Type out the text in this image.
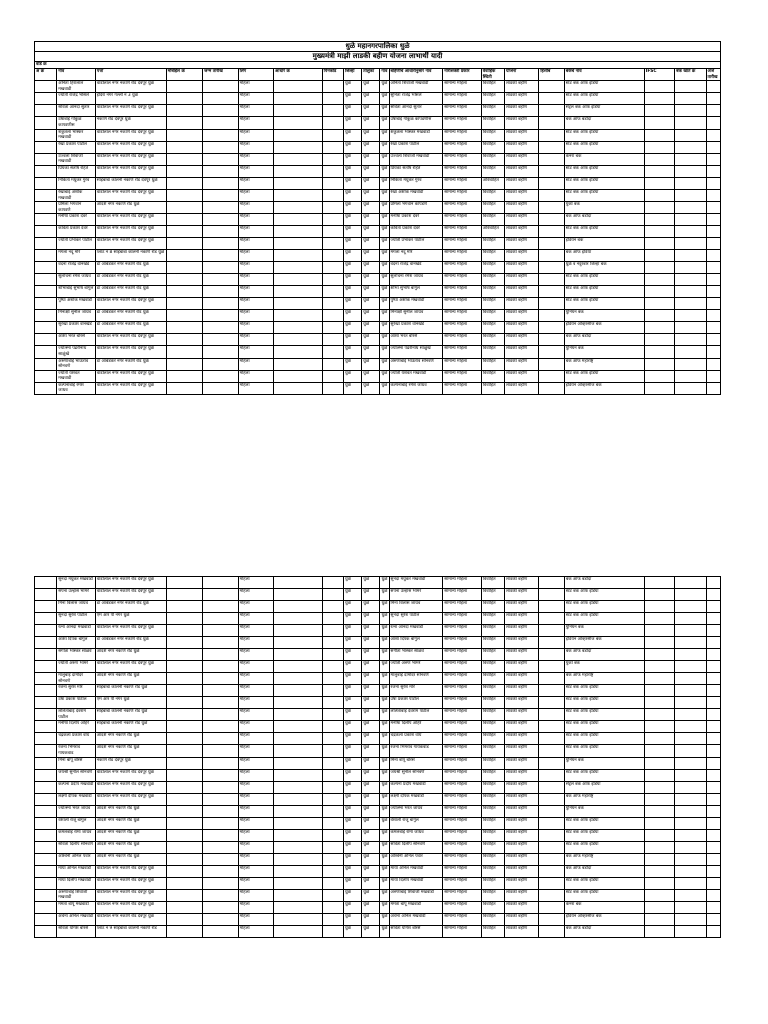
धुळे महानगरपालिका धुळे
मुख्यमंत्री माझी लाडकी बहीण योजना लाभार्थी यादी
वार्ड क्र																			
अ क्र	नाव	पत्ता	मोबाईल क्र	जन्म तारीख	लिंग	आधार क्र	पिनकोड	जिल्हा	तालुका	गाव	बहिणीचे आधारानुसार नाव	नारीशक्ती प्रकार	वैवाहिक स्थिती	योजना	हिशोब	बँकेचे नाव	IFSC	बँक खाते क्र	अर्ज तारीख
	अनिता हिरालाल मखवाडी	वाडीलाल नगर नकाणे रोड देवपूर धुळे			महिला			धुळे	धुळे	धुळे	अनिता शिवाजी मखवाडी	सामान्य महिला	विवाहित	लाडकी बहीण		स्टेट बँक ऑफ इंडिया			
	ज्योती राजेंद्र भोसले	इंदिरा नगर गल्ली नं 3 धुळे			महिला			धुळे	धुळे	धुळे	सुनिता राजेंद्र भोसले	सामान्य महिला	विवाहित	लाडकी बहीण		स्टेट बँक ऑफ इंडिया			
	सविता आनंदा सुतार	वाडीलाल नगर नकाणे रोड देवपूर धुळे			महिला			धुळे	धुळे	धुळे	सविता आनंदा सुतार	सामान्य महिला	विवाहित	लाडकी बहीण		सेंट्रल बँक ऑफ इंडिया			
	उषाबाई गोकुळ कापडणीस	नकाणे रोड देवपूर धुळे			महिला			धुळे	धुळे	धुळे	उषाबाई गोकुळ कापडणीस	सामान्य महिला	विवाहित	लाडकी बहीण		बँक ऑफ बडोदा			
	शकुंतला भास्कर मखवाडी	वाडीलाल नगर नकाणे रोड देवपूर धुळे			महिला			धुळे	धुळे	धुळे	शकुंतला भास्कर मखवाडी	सामान्य महिला	विवाहित	लाडकी बहीण		स्टेट बँक ऑफ इंडिया			
	रेखा प्रकाश पाटील	वाडीलाल नगर नकाणे रोड देवपूर धुळे			महिला			धुळे	धुळे	धुळे	रेखा प्रकाश पाटील	सामान्य महिला	विवाहित	लाडकी बहीण		स्टेट बँक ऑफ इंडिया			
	उज्वला शिवाजी मखवाडी	वाडीलाल नगर नकाणे रोड देवपूर धुळे			महिला			धुळे	धुळे	धुळे	उज्वला शिवाजी मखवाडी	सामान्य महिला	विवाहित	लाडकी बहीण		कॅनरा बँक			
	प्रियंका संतोष रहिते	वाडीलाल नगर नकाणे रोड देवपूर धुळे			महिला			धुळे	धुळे	धुळे	प्रियंका संतोष रहिते	सामान्य महिला	विवाहित	लाडकी बहीण		स्टेट बँक ऑफ इंडिया			
	निकिता मधुकर गुरव	साईबाबा कॉलनी नकाणे रोड देवपूर धुळे			महिला			धुळे	धुळे	धुळे	निकिता मधुकर गुरव	सामान्य महिला	अविवाहित	लाडकी बहीण		स्टेट बँक ऑफ इंडिया			
	रेखाबाई अशोक मखवाडी	वाडीलाल नगर नकाणे रोड देवपूर धुळे			महिला			धुळे	धुळे	धुळे	रेखा अशोक मखवाडी	सामान्य महिला	विवाहित	लाडकी बहीण		स्टेट बँक ऑफ इंडिया			
	प्रमिला भगवान कापडणे	आदर्श नगर नकाणे रोड धुळे			महिला			धुळे	धुळे	धुळे	प्रमिला भगवान कापडणे	सामान्य महिला	विवाहित	लाडकी बहीण		युको बँक			
	मनीषा प्रकाश देवरे	वाडीलाल नगर नकाणे रोड देवपूर धुळे			महिला			धुळे	धुळे	धुळे	मनीषा प्रकाश देवरे	सामान्य महिला	विवाहित	लाडकी बहीण		बँक ऑफ बडोदा			
	कविता प्रकाश देवरे	वाडीलाल नगर नकाणे रोड देवपूर धुळे			महिला			धुळे	धुळे	धुळे	कविता प्रकाश देवरे	सामान्य महिला	अविवाहित	लाडकी बहीण		स्टेट बँक ऑफ इंडिया			
	ज्योती प्रभाकर पाटील	वाडीलाल नगर नकाणे रोड देवपूर धुळे			महिला			धुळे	धुळे	धुळे	ज्योती प्रभाकर पाटील	सामान्य महिला	विवाहित	लाडकी बहीण		इंडियन बँक			
	मंगला नंदू मोरे	प्लॉट नं 8 साईबाबा कॉलनी नकाणे रोड धुळे			महिला			धुळे	धुळे	धुळे	मंगला नंदू मोरे	सामान्य महिला	विवाहित	लाडकी बहीण		बँक ऑफ इंडिया			
	वंदना राजेंद्र वानखेडे	डॉ आंबेडकर नगर नकाणे रोड धुळे			महिला			धुळे	धुळे	धुळे	वंदना राजेंद्र वानखेडे	सामान्य महिला	विवाहित	लाडकी बहीण		धुळे व नंदुरबार जिल्हा बँक			
	सुलोचना रमेश जाधव	डॉ आंबेडकर नगर नकाणे रोड धुळे			महिला			धुळे	धुळे	धुळे	सुलोचना रमेश जाधव	सामान्य महिला	विवाहित	लाडकी बहीण		स्टेट बँक ऑफ इंडिया			
	शोभाबाई सुभाष बागुल	डॉ आंबेडकर नगर नकाणे रोड धुळे			महिला			धुळे	धुळे	धुळे	शोभा सुभाष बागुल	सामान्य महिला	विवाहित	लाडकी बहीण		स्टेट बँक ऑफ इंडिया			
	पुष्पा अशोक मखवाडी	वाडीलाल नगर नकाणे रोड देवपूर धुळे			महिला			धुळे	धुळे	धुळे	पुष्पा अशोक मखवाडी	सामान्य महिला	विवाहित	लाडकी बहीण		स्टेट बँक ऑफ इंडिया			
	मिनाक्षी सुनील जाधव	डॉ आंबेडकर नगर नकाणे रोड धुळे			महिला			धुळे	धुळे	धुळे	मिनाक्षी सुनील जाधव	सामान्य महिला	विवाहित	लाडकी बहीण		युनियन बँक			
	सुरेखा प्रकाश वानखेडे	डॉ आंबेडकर नगर नकाणे रोड धुळे			महिला			धुळे	धुळे	धुळे	सुरेखा प्रकाश वानखेडे	सामान्य महिला	विवाहित	लाडकी बहीण		इंडियन ओव्हरसीज बँक			
	आशा भरत बोरसे	वाडीलाल नगर नकाणे रोड देवपूर धुळे			महिला			धुळे	धुळे	धुळे	आशा भरत बोरसे	सामान्य महिला	विवाहित	लाडकी बहीण		बँक ऑफ बडोदा			
	ज्योत्स्ना पंढरीनाथ साळुंखे	वाडीलाल नगर नकाणे रोड देवपूर धुळे			महिला			धुळे	धुळे	धुळे	ज्योत्स्ना पंढरीनाथ साळुंखे	सामान्य महिला	विवाहित	लाडकी बहीण		युनियन बँक			
	अरुणाबाई भाऊराव सोनवणे	डॉ आंबेडकर नगर नकाणे रोड धुळे			महिला			धुळे	धुळे	धुळे	अरुणाबाई भाऊराव सोनवणे	सामान्य महिला	विवाहित	लाडकी बहीण		बँक ऑफ महाराष्ट्र			
	ज्योती यशवंत मखवाडी	वाडीलाल नगर नकाणे रोड देवपूर धुळे			महिला			धुळे	धुळे	धुळे	ज्योती यशवंत मखवाडी	सामान्य महिला	विवाहित	लाडकी बहीण		स्टेट बँक ऑफ इंडिया			
	कल्पनाबाई रमेश जाधव	वाडीलाल नगर नकाणे रोड देवपूर धुळे			महिला			धुळे	धुळे	धुळे	कल्पनाबाई रमेश जाधव	सामान्य महिला	विवाहित	लाडकी बहीण		इंडियन ओव्हरसीज बँक			
	सुनंदा मधुकर मखवाडी	वाडीलाल नगर नकाणे रोड देवपूर धुळे			महिला			धुळे	धुळे	धुळे	सुनंदा मधुकर मखवाडी	सामान्य महिला	विवाहित	लाडकी बहीण		बँक ऑफ बडोदा			
	सपना उल्हास भामरे	वाडीलाल नगर नकाणे रोड देवपूर धुळे			महिला			धुळे	धुळे	धुळे	सपना उल्हास भामरे	सामान्य महिला	विवाहित	लाडकी बहीण		स्टेट बँक ऑफ इंडिया			
	मिना विलास जाधव	डॉ आंबेडकर नगर नकाणे रोड धुळे			महिला			धुळे	धुळे	धुळे	मिना विलास जाधव	सामान्य महिला	विवाहित	लाडकी बहीण		स्टेट बँक ऑफ इंडिया			
	सुनंदा सुरेश पाटील	एम आर पी नगर धुळे			महिला			धुळे	धुळे	धुळे	सुनंदा सुरेश पाटील	सामान्य महिला	विवाहित	लाडकी बहीण		स्टेट बँक ऑफ इंडिया			
	रत्ना आनंदा मखवाडी	वाडीलाल नगर नकाणे रोड देवपूर धुळे			महिला			धुळे	धुळे	धुळे	रत्ना आनंदा मखवाडी	सामान्य महिला	विवाहित	लाडकी बहीण		युनियन बँक			
	आशा दिपक बागुल	डॉ आंबेडकर नगर नकाणे रोड धुळे			महिला			धुळे	धुळे	धुळे	आशा दिपक बागुल	सामान्य महिला	विवाहित	लाडकी बहीण		इंडियन ओव्हरसीज बँक			
	संगीता भास्कर साळवे	आदर्श नगर नकाणे रोड धुळे			महिला			धुळे	धुळे	धुळे	संगीता भास्कर साळवे	सामान्य महिला	विवाहित	लाडकी बहीण		बँक ऑफ बडोदा			
	ज्योती अरुण भामरे	वाडीलाल नगर नकाणे रोड देवपूर धुळे			महिला			धुळे	धुळे	धुळे	ज्योती अरुण भामरे	सामान्य महिला	विवाहित	लाडकी बहीण		युको बँक			
	मालुबाई दामोदर सोनवणे	आदर्श नगर नकाणे रोड धुळे			महिला			धुळे	धुळे	धुळे	मालुबाई दामोदर सोनवणे	सामान्य महिला	विवाहित	लाडकी बहीण		बँक ऑफ महाराष्ट्र			
	रंजना सुरेश मोरे	साईबाबा कॉलनी नकाणे रोड धुळे			महिला			धुळे	धुळे	धुळे	रंजना सुरेश मोरे	सामान्य महिला	विवाहित	लाडकी बहीण		स्टेट बँक ऑफ इंडिया			
	उषा प्रकाश पाटील	एम आर पी नगर धुळे			महिला			धुळे	धुळे	धुळे	उषा प्रकाश पाटील	सामान्य महिला	विवाहित	लाडकी बहीण		स्टेट बँक ऑफ इंडिया			
	ललिताबाई देवराम पाटील	साईबाबा कॉलनी नकाणे रोड धुळे			महिला			धुळे	धुळे	धुळे	ललिताबाई देवराम पाटील	सामान्य महिला	विवाहित	लाडकी बहीण		स्टेट बँक ऑफ इंडिया			
	मनीषा दिलीप अहिरे	साईबाबा कॉलनी नकाणे रोड धुळे			महिला			धुळे	धुळे	धुळे	मनीषा दिलीप अहिरे	सामान्य महिला	विवाहित	लाडकी बहीण		स्टेट बँक ऑफ इंडिया			
	चंद्रकला प्रकाश वाघ	आदर्श नगर नकाणे रोड धुळे			महिला			धुळे	धुळे	धुळे	चंद्रकला प्रकाश वाघ	सामान्य महिला	विवाहित	लाडकी बहीण		स्टेट बँक ऑफ इंडिया			
	रंजना भिमराव गायकवाड	आदर्श नगर नकाणे रोड धुळे			महिला			धुळे	धुळे	धुळे	रंजना भिमराव गायकवाड	सामान्य महिला	विवाहित	लाडकी बहीण		स्टेट बँक ऑफ इंडिया			
	मिना बापू बोरसे	नकाणे रोड देवपूर धुळे			महिला			धुळे	धुळे	धुळे	मिना बापू बोरसे	सामान्य महिला	विवाहित	लाडकी बहीण		युनियन बँक			
	जयश्री सुनील सोनवणे	वाडीलाल नगर नकाणे रोड देवपूर धुळे			महिला			धुळे	धुळे	धुळे	जयश्री सुनील सोनवणे	सामान्य महिला	विवाहित	लाडकी बहीण		स्टेट बँक ऑफ इंडिया			
	कल्पना प्रदीप मखवाडी	वाडीलाल नगर नकाणे रोड देवपूर धुळे			महिला			धुळे	धुळे	धुळे	कल्पना प्रदीप मखवाडी	सामान्य महिला	विवाहित	लाडकी बहीण		सेंट्रल बँक ऑफ इंडिया			
	लक्ष्मी दीपक मखवाडी	वाडीलाल नगर नकाणे रोड देवपूर धुळे			महिला			धुळे	धुळे	धुळे	लक्ष्मी दीपक मखवाडी	सामान्य महिला	विवाहित	लाडकी बहीण		बँक ऑफ महाराष्ट्र			
	ज्योत्स्ना भरत जाधव	आदर्श नगर नकाणे रोड धुळे			महिला			धुळे	धुळे	धुळे	ज्योत्स्ना भरत जाधव	सामान्य महिला	विवाहित	लाडकी बहीण		युनियन बँक			
	वैशाली राजू बागुल	आदर्श नगर नकाणे रोड धुळे			महिला			धुळे	धुळे	धुळे	वैशाली राजू बागुल	सामान्य महिला	विवाहित	लाडकी बहीण		स्टेट बँक ऑफ इंडिया			
	कमलबाई रामा जाधव	आदर्श नगर नकाणे रोड धुळे			महिला			धुळे	धुळे	धुळे	कमलबाई रामा जाधव	सामान्य महिला	विवाहित	लाडकी बहीण		स्टेट बँक ऑफ इंडिया			
	सविता दिलीप सोनवणे	आदर्श नगर नकाणे रोड धुळे			महिला			धुळे	धुळे	धुळे	सविता दिलीप सोनवणे	सामान्य महिला	विवाहित	लाडकी बहीण		स्टेट बँक ऑफ इंडिया			
	अश्विनी अनिल पवार	आदर्श नगर नकाणे रोड धुळे			महिला			धुळे	धुळे	धुळे	अश्विनी अनिल पवार	सामान्य महिला	विवाहित	लाडकी बहीण		बँक ऑफ महाराष्ट्र			
	माया अनिल मखवाडी	वाडीलाल नगर नकाणे रोड देवपूर धुळे			महिला			धुळे	धुळे	धुळे	माया अनिल मखवाडी	सामान्य महिला	विवाहित	लाडकी बहीण		बँक ऑफ बडोदा			
	माया दिलीप मखवाडी	वाडीलाल नगर नकाणे रोड देवपूर धुळे			महिला			धुळे	धुळे	धुळे	माया दिलीप मखवाडी	सामान्य महिला	विवाहित	लाडकी बहीण		स्टेट बँक ऑफ इंडिया			
	अरुणाबाई शिवाजी मखवाडी	वाडीलाल नगर नकाणे रोड देवपूर धुळे			महिला			धुळे	धुळे	धुळे	अरुणाबाई शिवाजी मखवाडी	सामान्य महिला	विवाहित	लाडकी बहीण		स्टेट बँक ऑफ इंडिया			
	ममता बापू मखवाडी	वाडीलाल नगर नकाणे रोड देवपूर धुळे			महिला			धुळे	धुळे	धुळे	ममता बापू मखवाडी	सामान्य महिला	विवाहित	लाडकी बहीण		कॅनरा बँक			
	अर्चना अनिल मखवाडी	वाडीलाल नगर नकाणे रोड देवपूर धुळे			महिला			धुळे	धुळे	धुळे	अर्चना अनिल मखवाडी	सामान्य महिला	विवाहित	लाडकी बहीण		इंडियन ओव्हरसीज बँक			
	सविता योगेश बोरसे	प्लॉट नं 9 साईबाबा कॉलनी नकाणे रोड			महिला			धुळे	धुळे	धुळे	सविता योगेश बोरसे	सामान्य महिला	विवाहित	लाडकी बहीण		बँक ऑफ बडोदा			
